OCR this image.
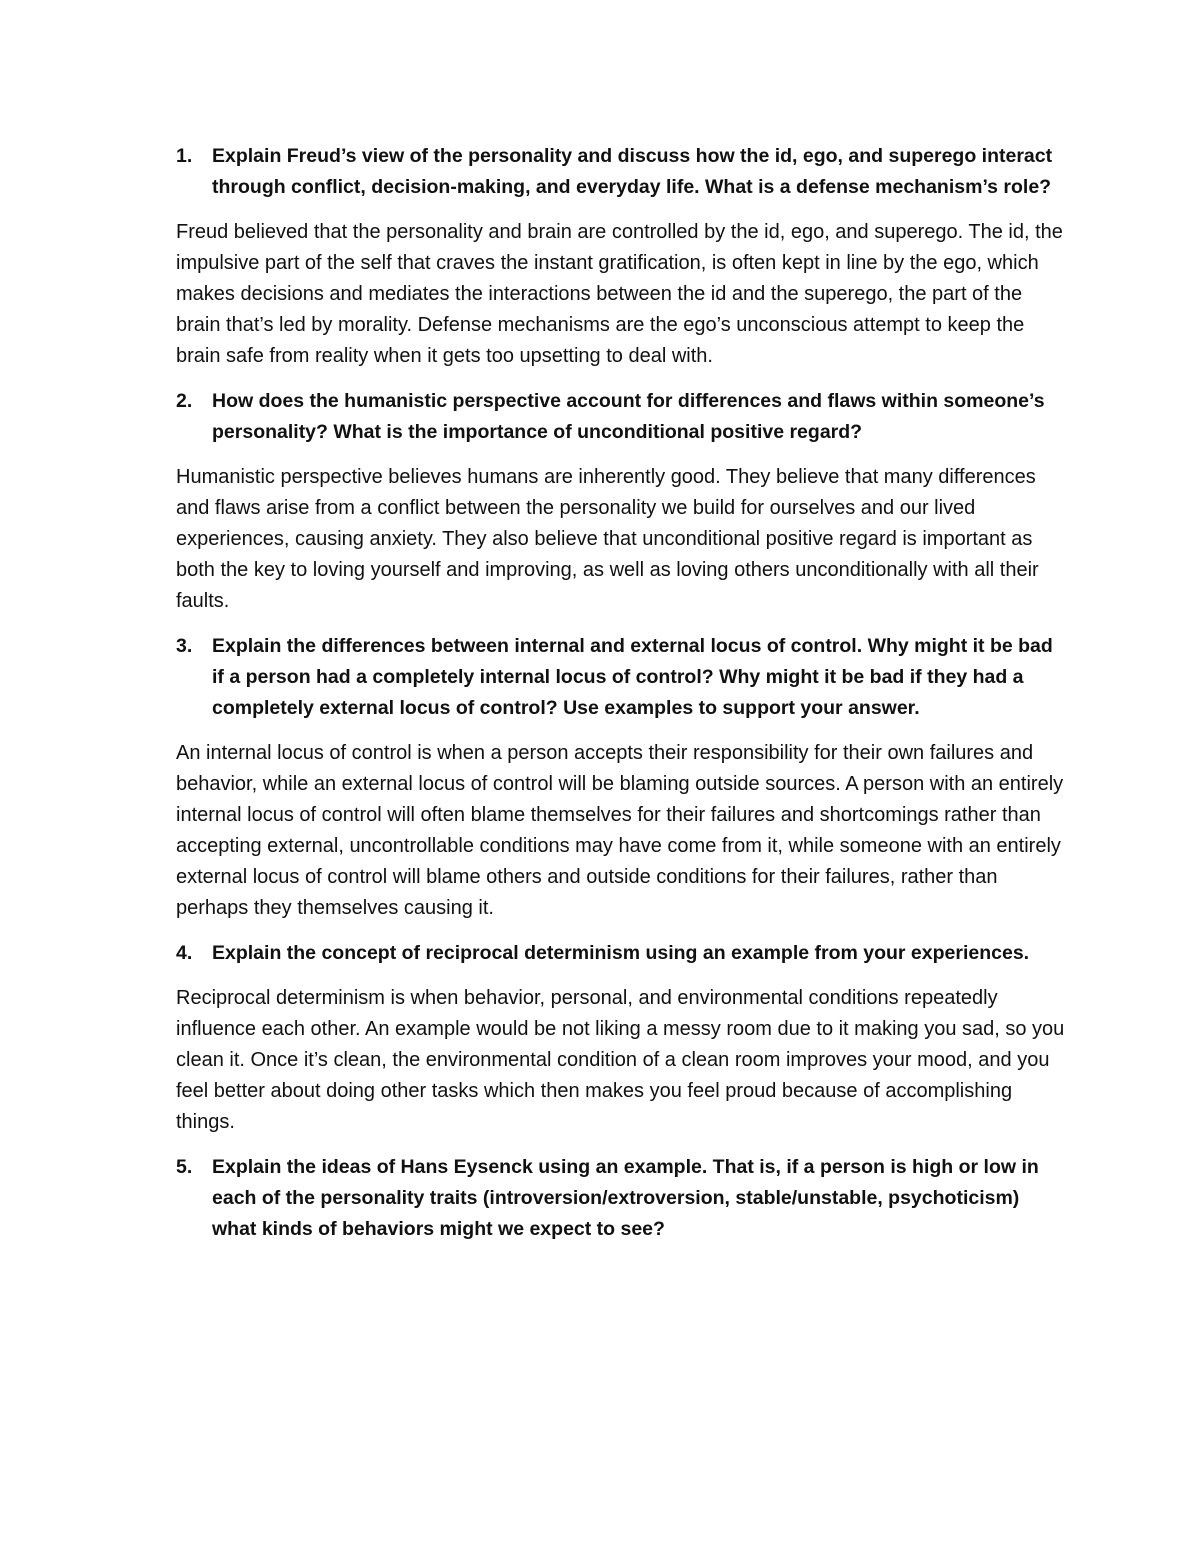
1.	Explain Freud’s view of the personality and discuss how the id, ego, and superego interact through conflict, decision-making, and everyday life. What is a defense mechanism’s role?

Freud believed that the personality and brain are controlled by the id, ego, and superego. The id, the impulsive part of the self that craves the instant gratification, is often kept in line by the ego, which makes decisions and mediates the interactions between the id and the superego, the part of the brain that’s led by morality. Defense mechanisms are the ego’s unconscious attempt to keep the brain safe from reality when it gets too upsetting to deal with.

2.	How does the humanistic perspective account for differences and flaws within someone’s personality? What is the importance of unconditional positive regard?

Humanistic perspective believes humans are inherently good. They believe that many differences and flaws arise from a conflict between the personality we build for ourselves and our lived experiences, causing anxiety. They also believe that unconditional positive regard is important as both the key to loving yourself and improving, as well as loving others unconditionally with all their faults.

3.	Explain the differences between internal and external locus of control. Why might it be bad if a person had a completely internal locus of control? Why might it be bad if they had a completely external locus of control? Use examples to support your answer.

An internal locus of control is when a person accepts their responsibility for their own failures and behavior, while an external locus of control will be blaming outside sources. A person with an entirely internal locus of control will often blame themselves for their failures and shortcomings rather than accepting external, uncontrollable conditions may have come from it, while someone with an entirely external locus of control will blame others and outside conditions for their failures, rather than perhaps they themselves causing it.

4.	Explain the concept of reciprocal determinism using an example from your experiences.

Reciprocal determinism is when behavior, personal, and environmental conditions repeatedly influence each other. An example would be not liking a messy room due to it making you sad, so you clean it. Once it’s clean, the environmental condition of a clean room improves your mood, and you feel better about doing other tasks which then makes you feel proud because of accomplishing things.

5.	Explain the ideas of Hans Eysenck using an example. That is, if a person is high or low in each of the personality traits (introversion/extroversion, stable/unstable, psychoticism) what kinds of behaviors might we expect to see?
